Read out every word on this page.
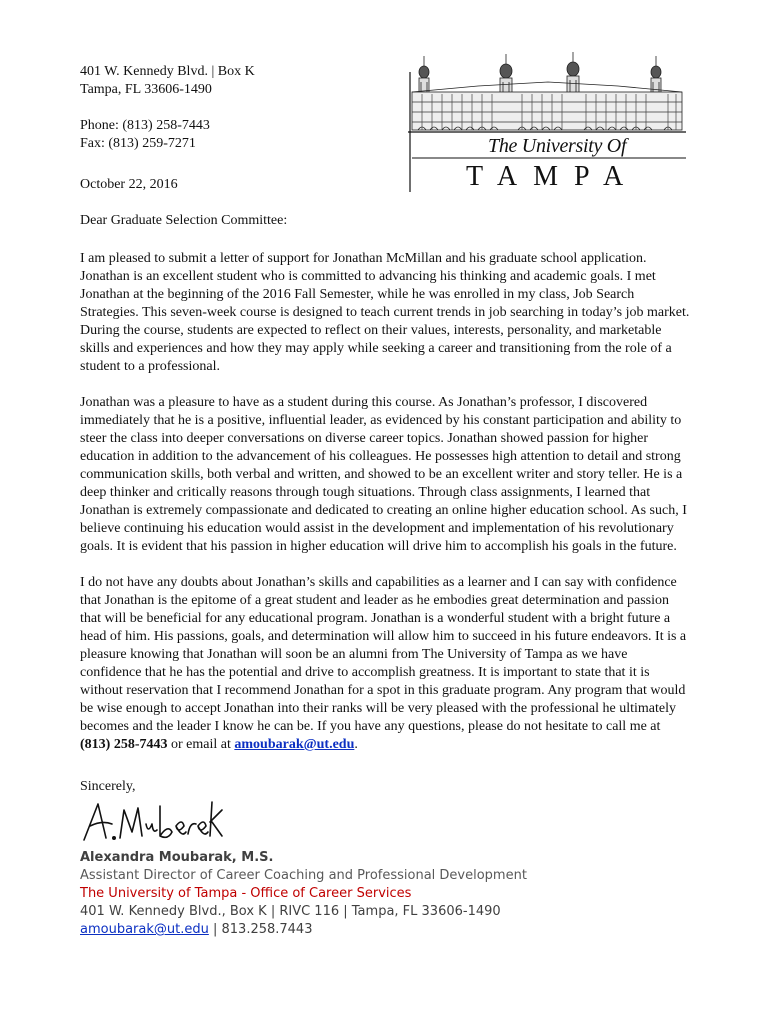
401 W. Kennedy Blvd. | Box K
Tampa, FL 33606-1490
Phone: (813) 258-7443
Fax: (813) 259-7271	The University Of
TAMPA
October 22, 2016
Dear Graduate Selection Committee:

I am pleased to submit a letter of support for Jonathan McMillan and his graduate school application. Jonathan is an excellent student who is committed to advancing his thinking and academic goals. I met Jonathan at the beginning of the 2016 Fall Semester, while he was enrolled in my class, Job Search Strategies. This seven-week course is designed to teach current trends in job searching in today’s job market. During the course, students are expected to reflect on their values, interests, personality, and marketable skills and experiences and how they may apply while seeking a career and transitioning from the role of a student to a professional.

Jonathan was a pleasure to have as a student during this course. As Jonathan’s professor, I discovered immediately that he is a positive, influential leader, as evidenced by his constant participation and ability to steer the class into deeper conversations on diverse career topics. Jonathan showed passion for higher education in addition to the advancement of his colleagues. He possesses high attention to detail and strong communication skills, both verbal and written, and showed to be an excellent writer and story teller. He is a deep thinker and critically reasons through tough situations. Through class assignments, I learned that Jonathan is extremely compassionate and dedicated to creating an online higher education school. As such, I believe continuing his education would assist in the development and implementation of his revolutionary goals. It is evident that his passion in higher education will drive him to accomplish his goals in the future.

I do not have any doubts about Jonathan’s skills and capabilities as a learner and I can say with confidence that Jonathan is the epitome of a great student and leader as he embodies great determination and passion that will be beneficial for any educational program. Jonathan is a wonderful student with a bright future a head of him. His passions, goals, and determination will allow him to succeed in his future endeavors. It is a pleasure knowing that Jonathan will soon be an alumni from The University of Tampa as we have confidence that he has the potential and drive to accomplish greatness. It is important to state that it is without reservation that I recommend Jonathan for a spot in this graduate program. Any program that would be wise enough to accept Jonathan into their ranks will be very pleased with the professional he ultimately becomes and the leader I know he can be. If you have any questions, please do not hesitate to call me at (813) 258-7443 or email at amoubarak@ut.edu.

Sincerely,
Alexandra Moubarak, M.S.
Assistant Director of Career Coaching and Professional Development
The University of Tampa - Office of Career Services
401 W. Kennedy Blvd., Box K | RIVC 116 | Tampa, FL 33606-1490
amoubarak@ut.edu | 813.258.7443
